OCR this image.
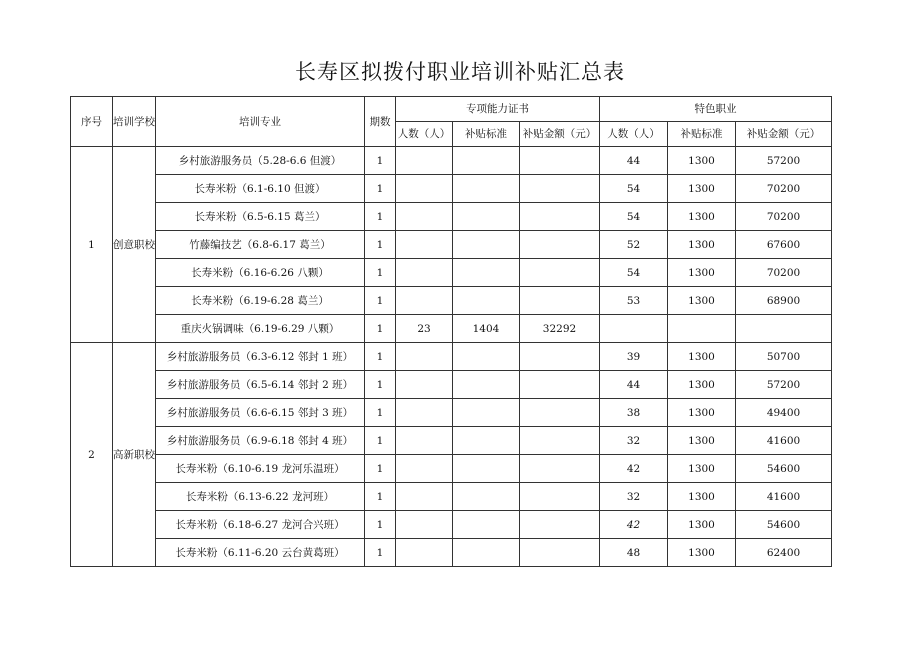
长寿区拟拨付职业培训补贴汇总表
序号	培训学校	培训专业	期数	专项能力证书			特色职业		
				人数（人）	补贴标准	补贴金额（元）	人数（人）	补贴标准	补贴金额（元）
1	创意职校	乡村旅游服务员（5.28-6.6 但渡）	1				44	1300	57200
		长寿米粉（6.1-6.10 但渡）	1				54	1300	70200
		长寿米粉（6.5-6.15 葛兰）	1				54	1300	70200
		竹藤编技艺（6.8-6.17 葛兰）	1				52	1300	67600
		长寿米粉（6.16-6.26 八颗）	1				54	1300	70200
		长寿米粉（6.19-6.28 葛兰）	1				53	1300	68900
		重庆火锅调味（6.19-6.29 八颗）	1	23	1404	32292			
2	高新职校	乡村旅游服务员（6.3-6.12 邻封 1 班）	1				39	1300	50700
		乡村旅游服务员（6.5-6.14 邻封 2 班）	1				44	1300	57200
		乡村旅游服务员（6.6-6.15 邻封 3 班）	1				38	1300	49400
		乡村旅游服务员（6.9-6.18 邻封 4 班）	1				32	1300	41600
		长寿米粉（6.10-6.19 龙河乐温班）	1				42	1300	54600
		长寿米粉（6.13-6.22 龙河班）	1				32	1300	41600
		长寿米粉（6.18-6.27 龙河合兴班）	1				42	1300	54600
		长寿米粉（6.11-6.20 云台黄葛班）	1				48	1300	62400
